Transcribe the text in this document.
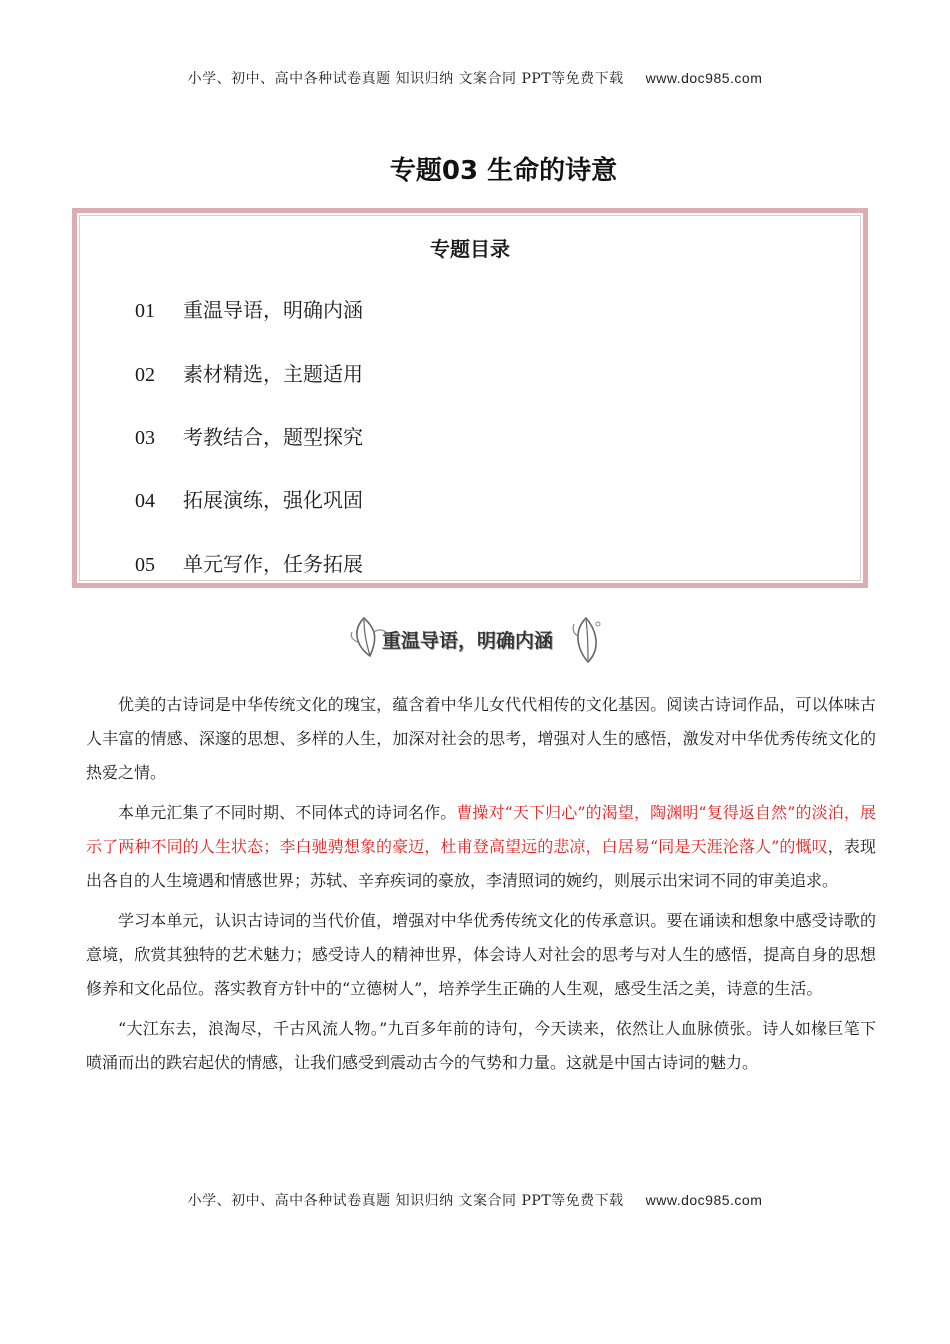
小学、初中、高中各种试卷真题 知识归纳 文案合同 PPT等免费下载 www.doc985.com
专题03 生命的诗意
专题目录
01 重温导语，明确内涵
02 素材精选，主题适用
03 考教结合，题型探究
04 拓展演练，强化巩固
05 单元写作，任务拓展
重温导语，明确内涵

优美的古诗词是中华传统文化的瑰宝，蕴含着中华儿女代代相传的文化基因。阅读古诗词作品，可以体味古人丰富的情感、深邃的思想、多样的人生，加深对社会的思考，增强对人生的感悟，激发对中华优秀传统文化的热爱之情。

本单元汇集了不同时期、不同体式的诗词名作。曹操对“天下归心”的渴望，陶渊明“复得返自然”的淡泊，展示了两种不同的人生状态；李白驰骋想象的豪迈，杜甫登高望远的悲凉，白居易“同是天涯沦落人”的慨叹，表现出各自的人生境遇和情感世界；苏轼、辛弃疾词的豪放，李清照词的婉约，则展示出宋词不同的审美追求。

学习本单元，认识古诗词的当代价值，增强对中华优秀传统文化的传承意识。要在诵读和想象中感受诗歌的意境，欣赏其独特的艺术魅力；感受诗人的精神世界，体会诗人对社会的思考与对人生的感悟，提高自身的思想修养和文化品位。落实教育方针中的“立德树人”，培养学生正确的人生观，感受生活之美，诗意的生活。

“大江东去，浪淘尽，千古风流人物。”九百多年前的诗句，今天读来，依然让人血脉偾张。诗人如椽巨笔下喷涌而出的跌宕起伏的情感，让我们感受到震动古今的气势和力量。这就是中国古诗词的魅力。

小学、初中、高中各种试卷真题 知识归纳 文案合同 PPT等免费下载 www.doc985.com
